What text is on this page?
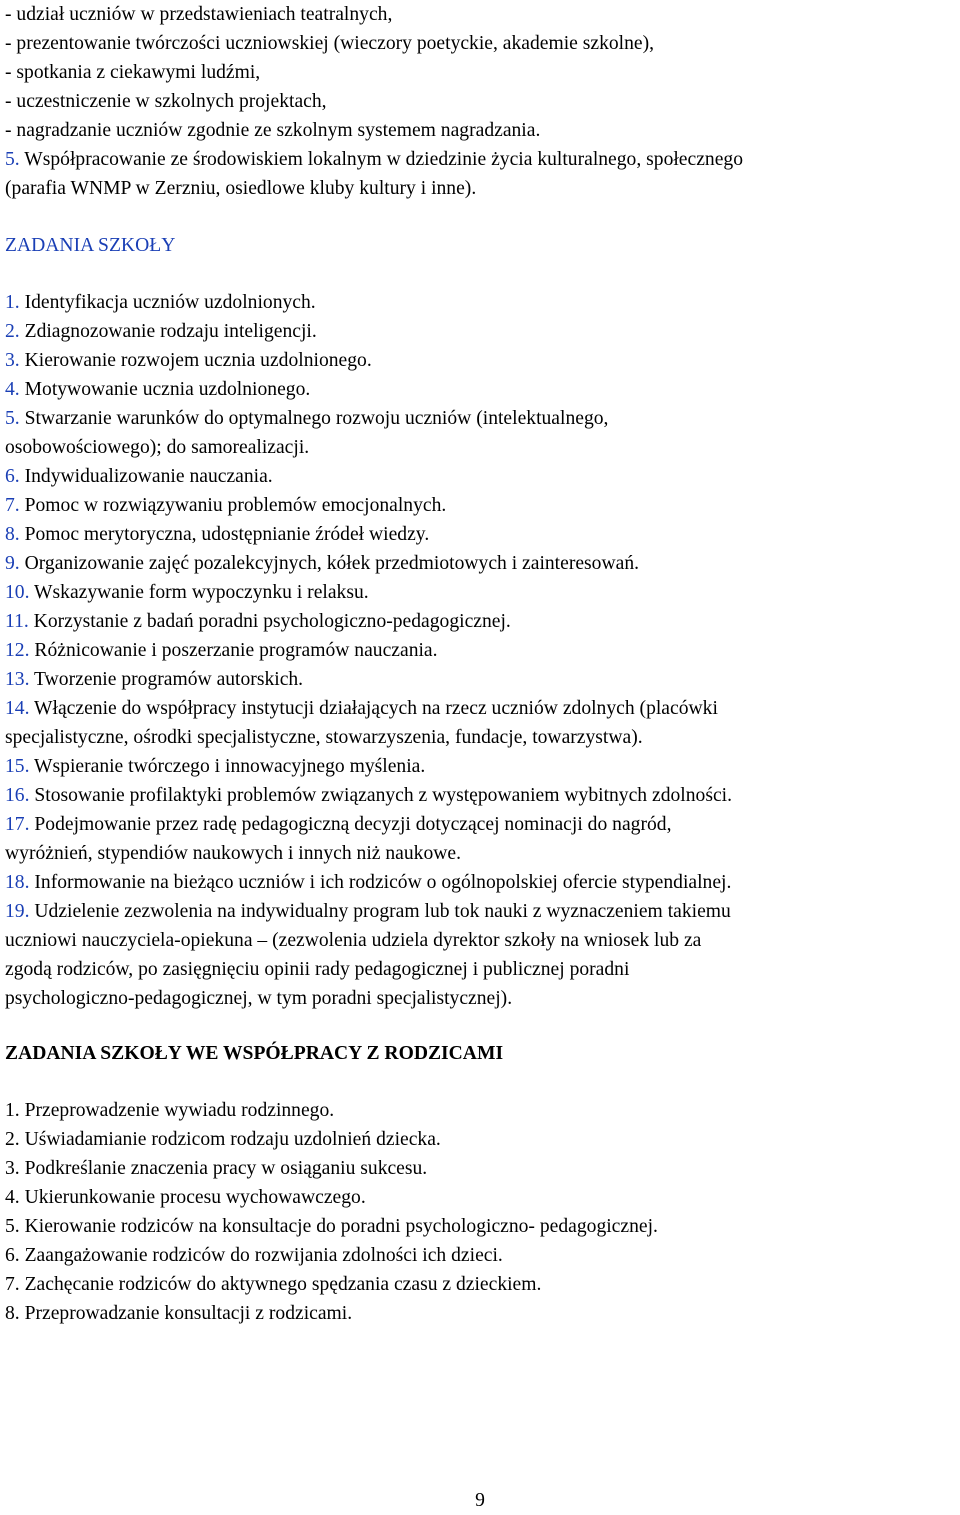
- udział uczniów w przedstawieniach teatralnych,

- prezentowanie twórczości uczniowskiej (wieczory poetyckie, akademie szkolne),

- spotkania z ciekawymi ludźmi,

- uczestniczenie w szkolnych projektach,

- nagradzanie uczniów zgodnie ze szkolnym systemem nagradzania.

5. Współpracowanie ze środowiskiem lokalnym w dziedzinie życia kulturalnego, społecznego

(parafia WNMP w Zerzniu, osiedlowe kluby kultury i inne).

ZADANIA SZKOŁY

1. Identyfikacja uczniów uzdolnionych.

2. Zdiagnozowanie rodzaju inteligencji.

3. Kierowanie rozwojem ucznia uzdolnionego.

4. Motywowanie ucznia uzdolnionego.

5. Stwarzanie warunków do optymalnego rozwoju uczniów (intelektualnego,

osobowościowego); do samorealizacji.

6. Indywidualizowanie nauczania.

7. Pomoc w rozwiązywaniu problemów emocjonalnych.

8. Pomoc merytoryczna, udostępnianie źródeł wiedzy.

9. Organizowanie zajęć pozalekcyjnych, kółek przedmiotowych i zainteresowań.

10. Wskazywanie form wypoczynku i relaksu.

11. Korzystanie z badań poradni psychologiczno-pedagogicznej.

12. Różnicowanie i poszerzanie programów nauczania.

13. Tworzenie programów autorskich.

14. Włączenie do współpracy instytucji działających na rzecz uczniów zdolnych (placówki

specjalistyczne, ośrodki specjalistyczne, stowarzyszenia, fundacje, towarzystwa).

15. Wspieranie twórczego i innowacyjnego myślenia.

16. Stosowanie profilaktyki problemów związanych z występowaniem wybitnych zdolności.

17. Podejmowanie przez radę pedagogiczną decyzji dotyczącej nominacji do nagród,

wyróżnień, stypendiów naukowych i innych niż naukowe.

18. Informowanie na bieżąco uczniów i ich rodziców o ogólnopolskiej ofercie stypendialnej.

19. Udzielenie zezwolenia na indywidualny program lub tok nauki z wyznaczeniem takiemu

uczniowi nauczyciela-opiekuna – (zezwolenia udziela dyrektor szkoły na wniosek lub za

zgodą rodziców, po zasięgnięciu opinii rady pedagogicznej i publicznej poradni

psychologiczno-pedagogicznej, w tym poradni specjalistycznej).

ZADANIA SZKOŁY WE WSPÓŁPRACY Z RODZICAMI

1. Przeprowadzenie wywiadu rodzinnego.

2. Uświadamianie rodzicom rodzaju uzdolnień dziecka.

3. Podkreślanie znaczenia pracy w osiąganiu sukcesu.

4. Ukierunkowanie procesu wychowawczego.

5. Kierowanie rodziców na konsultacje do poradni psychologiczno- pedagogicznej.

6. Zaangażowanie rodziców do rozwijania zdolności ich dzieci.

7. Zachęcanie rodziców do aktywnego spędzania czasu z dzieckiem.

8. Przeprowadzanie konsultacji z rodzicami.

9
